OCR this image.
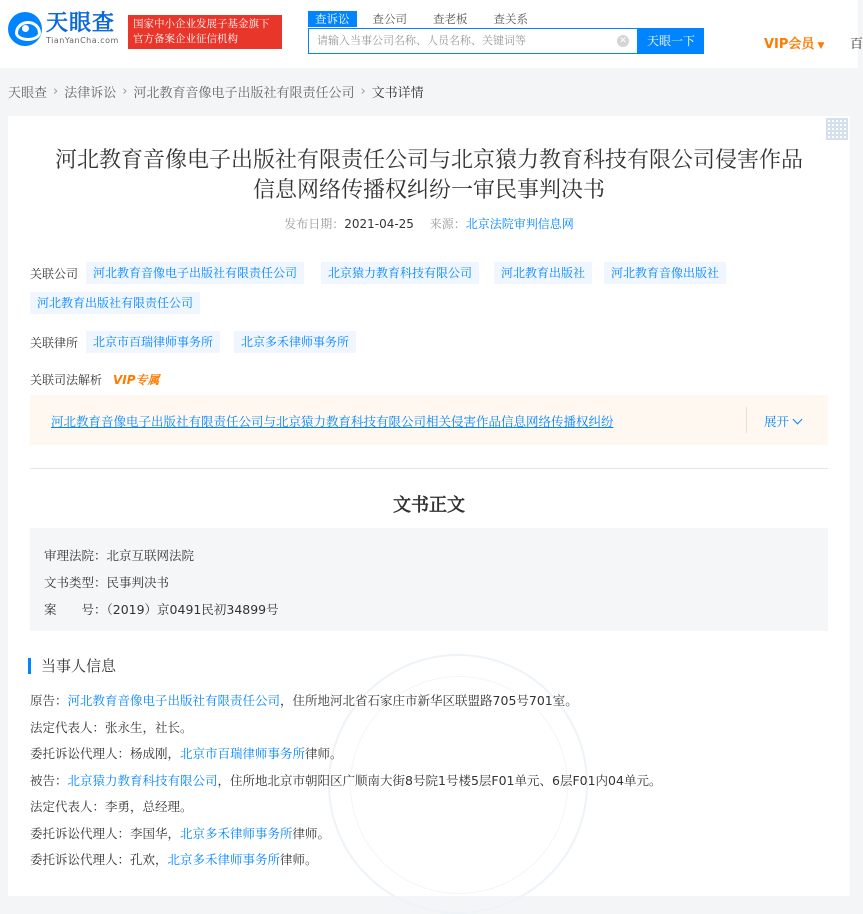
天眼查
TianYanCha.com
国家中小企业发展子基金旗下
官方备案企业征信机构
查诉讼	查公司 查老板 查关系
请输入当事公司名称、人员名称、关键词等	✕	天眼一下	VIP会员 ▼ 百
天眼查 › 法律诉讼 › 河北教育音像电子出版社有限责任公司 › 文书详情
河北教育音像电子出版社有限责任公司与北京猿力教育科技有限公司侵害作品
信息网络传播权纠纷一审民事判决书
发布日期：2021-04-25 来源：北京法院审判信息网
关联公司	河北教育音像电子出版社有限责任公司	北京猿力教育科技有限公司	河北教育出版社	河北教育音像出版社
河北教育出版社有限责任公司
关联律所	北京市百瑞律师事务所	北京多禾律师事务所
关联司法解析 VIP专属
河北教育音像电子出版社有限责任公司与北京猿力教育科技有限公司相关侵害作品信息网络传播权纠纷	展开
文书正文
审理法院：北京互联网法院
文书类型：民事判决书
案　　号：（2019）京0491民初34899号
当事人信息
原告：河北教育音像电子出版社有限责任公司，住所地河北省石家庄市新华区联盟路705号701室。
法定代表人：张永生，社长。
委托诉讼代理人：杨成刚，北京市百瑞律师事务所律师。
被告：北京猿力教育科技有限公司，住所地北京市朝阳区广顺南大街8号院1号楼5层F01单元、6层F01内04单元。
法定代表人：李勇，总经理。
委托诉讼代理人：李国华，北京多禾律师事务所律师。
委托诉讼代理人：孔欢，北京多禾律师事务所律师。
